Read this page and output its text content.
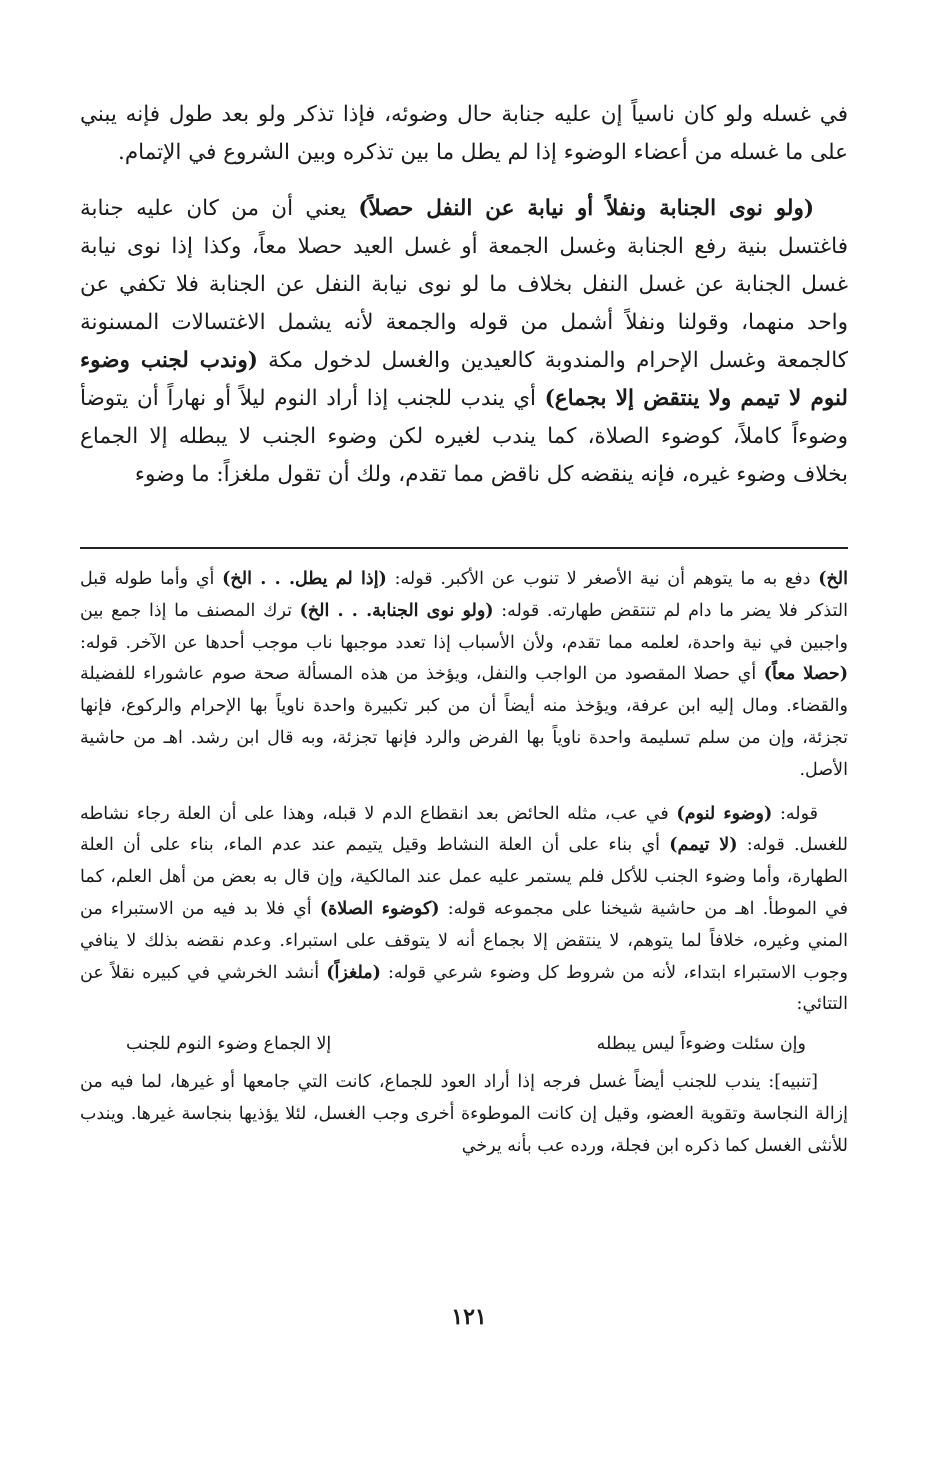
في غسله ولو كان ناسياً إن عليه جنابة حال وضوئه، فإذا تذكر ولو بعد طول فإنه يبني على ما غسله من أعضاء الوضوء إذا لم يطل ما بين تذكره وبين الشروع في الإتمام.

(ولو نوى الجنابة ونفلاً أو نيابة عن النفل حصلاً) يعني أن من كان عليه جنابة فاغتسل بنية رفع الجنابة وغسل الجمعة أو غسل العيد حصلا معاً، وكذا إذا نوى نيابة غسل الجنابة عن غسل النفل بخلاف ما لو نوى نيابة النفل عن الجنابة فلا تكفي عن واحد منهما، وقولنا ونفلاً أشمل من قوله والجمعة لأنه يشمل الاغتسالات المسنونة كالجمعة وغسل الإحرام والمندوبة كالعيدين والغسل لدخول مكة (وندب لجنب وضوء لنوم لا تيمم ولا ينتقض إلا بجماع) أي يندب للجنب إذا أراد النوم ليلاً أو نهاراً أن يتوضأ وضوءاً كاملاً، كوضوء الصلاة، كما يندب لغيره لكن وضوء الجنب لا يبطله إلا الجماع بخلاف وضوء غيره، فإنه ينقضه كل ناقض مما تقدم، ولك أن تقول ملغزاً: ما وضوء

الخ) دفع به ما يتوهم أن نية الأصغر لا تنوب عن الأكبر. قوله: (إذا لم يطل. . . الخ) أي وأما طوله قبل التذكر فلا يضر ما دام لم تنتقض طهارته. قوله: (ولو نوى الجنابة. . . الخ) ترك المصنف ما إذا جمع بين واجبين في نية واحدة، لعلمه مما تقدم، ولأن الأسباب إذا تعدد موجبها ناب موجب أحدها عن الآخر. قوله: (حصلا معاً) أي حصلا المقصود من الواجب والنفل، ويؤخذ من هذه المسألة صحة صوم عاشوراء للفضيلة والقضاء. ومال إليه ابن عرفة، ويؤخذ منه أيضاً أن من كبر تكبيرة واحدة ناوياً بها الإحرام والركوع، فإنها تجزئة، وإن من سلم تسليمة واحدة ناوياً بها الفرض والرد فإنها تجزئة، وبه قال ابن رشد. اهـ من حاشية الأصل.

قوله: (وضوء لنوم) في عب، مثله الحائض بعد انقطاع الدم لا قبله، وهذا على أن العلة رجاء نشاطه للغسل. قوله: (لا تيمم) أي بناء على أن العلة النشاط وقيل يتيمم عند عدم الماء، بناء على أن العلة الطهارة، وأما وضوء الجنب للأكل فلم يستمر عليه عمل عند المالكية، وإن قال به بعض من أهل العلم، كما في الموطأ. اهـ من حاشية شيخنا على مجموعه قوله: (كوضوء الصلاة) أي فلا بد فيه من الاستبراء من المني وغيره، خلافاً لما يتوهم، لا ينتقض إلا بجماع أنه لا يتوقف على استبراء. وعدم نقضه بذلك لا ينافي وجوب الاستبراء ابتداء، لأنه من شروط كل وضوء شرعي قوله: (ملغزاً) أنشد الخرشي في كبيره نقلاً عن التتائي:

وإن سئلت وضوءاً ليس يبطله
إلا الجماع وضوء النوم للجنب

[تنبيه]: يندب للجنب أيضاً غسل فرجه إذا أراد العود للجماع، كانت التي جامعها أو غيرها، لما فيه من إزالة النجاسة وتقوية العضو، وقيل إن كانت الموطوءة أخرى وجب الغسل، لئلا يؤذيها بنجاسة غيرها. ويندب للأنثى الغسل كما ذكره ابن فجلة، ورده عب بأنه يرخي

١٢١
